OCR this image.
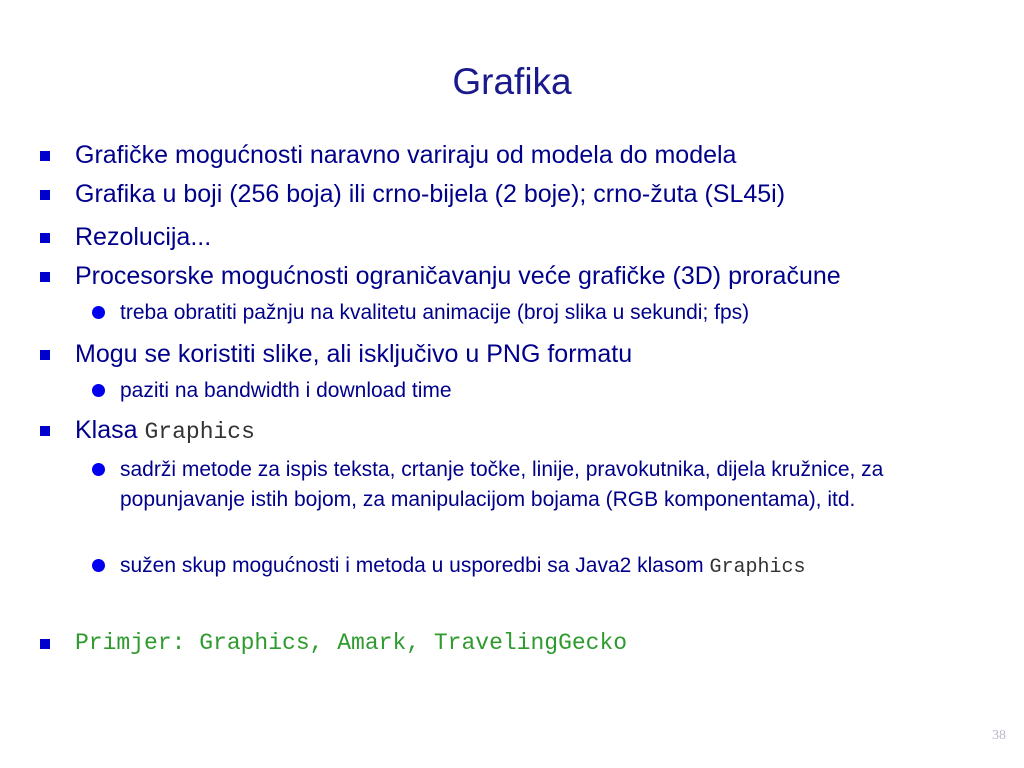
Grafika
Grafičke mogućnosti naravno variraju od modela do modela
Grafika u boji (256 boja) ili crno-bijela (2 boje); crno-žuta (SL45i)
Rezolucija...
Procesorske mogućnosti ograničavanju veće grafičke (3D) proračune
treba obratiti pažnju na kvalitetu animacije (broj slika u sekundi; fps)
Mogu se koristiti slike, ali isključivo u PNG formatu
paziti na bandwidth i download time
Klasa Graphics
sadrži metode za ispis teksta, crtanje točke, linije, pravokutnika, dijela kružnice, za popunjavanje istih bojom, za manipulacijom bojama (RGB komponentama), itd.
sužen skup mogućnosti i metoda u usporedbi sa Java2 klasom Graphics
Primjer: Graphics, Amark, TravelingGecko
38
